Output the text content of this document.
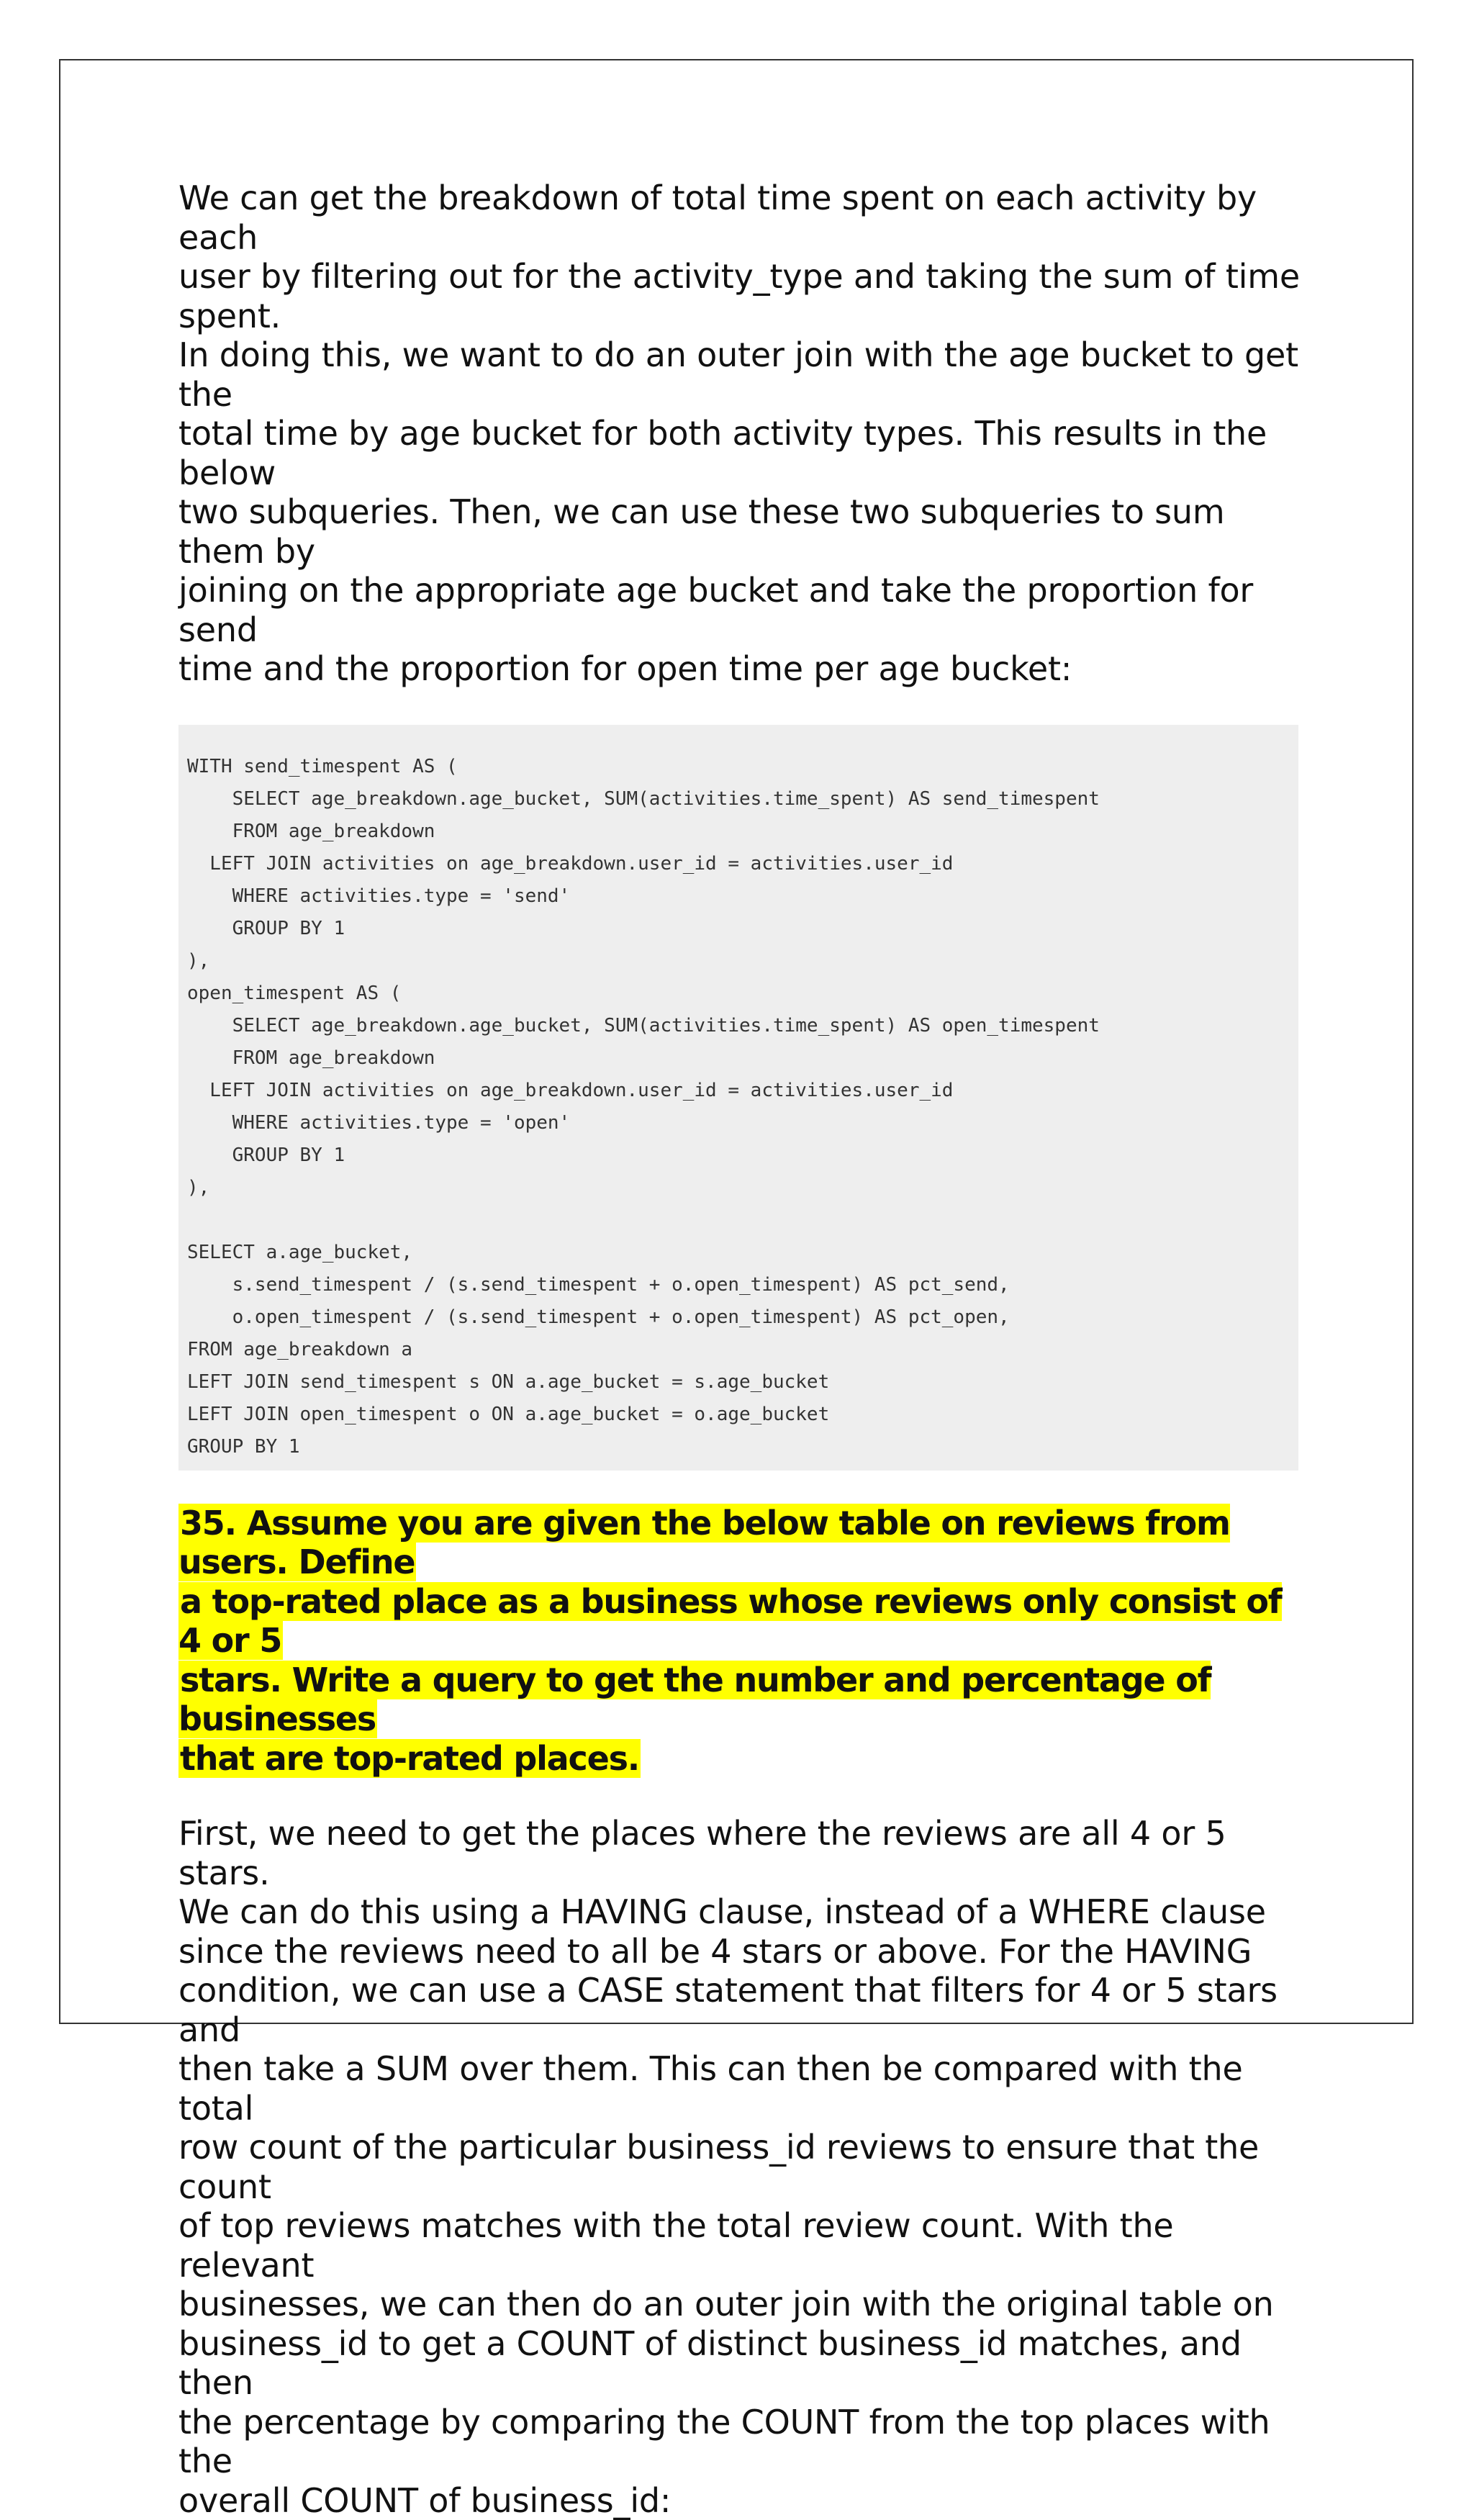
We can get the breakdown of total time spent on each activity by each
user by filtering out for the activity_type and taking the sum of time spent.
In doing this, we want to do an outer join with the age bucket to get the
total time by age bucket for both activity types. This results in the below
two subqueries. Then, we can use these two subqueries to sum them by
joining on the appropriate age bucket and take the proportion for send
time and the proportion for open time per age bucket:
WITH send_timespent AS (
SELECT age_breakdown.age_bucket, SUM(activities.time_spent) AS send_timespent
FROM age_breakdown
LEFT JOIN activities on age_breakdown.user_id = activities.user_id
WHERE activities.type = 'send'
GROUP BY 1
),
open_timespent AS (
SELECT age_breakdown.age_bucket, SUM(activities.time_spent) AS open_timespent
FROM age_breakdown
LEFT JOIN activities on age_breakdown.user_id = activities.user_id
WHERE activities.type = 'open'
GROUP BY 1
),
SELECT a.age_bucket,
s.send_timespent / (s.send_timespent + o.open_timespent) AS pct_send,
o.open_timespent / (s.send_timespent + o.open_timespent) AS pct_open,
FROM age_breakdown a
LEFT JOIN send_timespent s ON a.age_bucket = s.age_bucket
LEFT JOIN open_timespent o ON a.age_bucket = o.age_bucket
GROUP BY 1
35. Assume you are given the below table on reviews from users. Define
a top-rated place as a business whose reviews only consist of 4 or 5
stars. Write a query to get the number and percentage of businesses
that are top-rated places.
First, we need to get the places where the reviews are all 4 or 5 stars.
We can do this using a HAVING clause, instead of a WHERE clause
since the reviews need to all be 4 stars or above. For the HAVING
condition, we can use a CASE statement that filters for 4 or 5 stars and
then take a SUM over them. This can then be compared with the total
row count of the particular business_id reviews to ensure that the count
of top reviews matches with the total review count. With the relevant
businesses, we can then do an outer join with the original table on
business_id to get a COUNT of distinct business_id matches, and then
the percentage by comparing the COUNT from the top places with the
overall COUNT of business_id:
